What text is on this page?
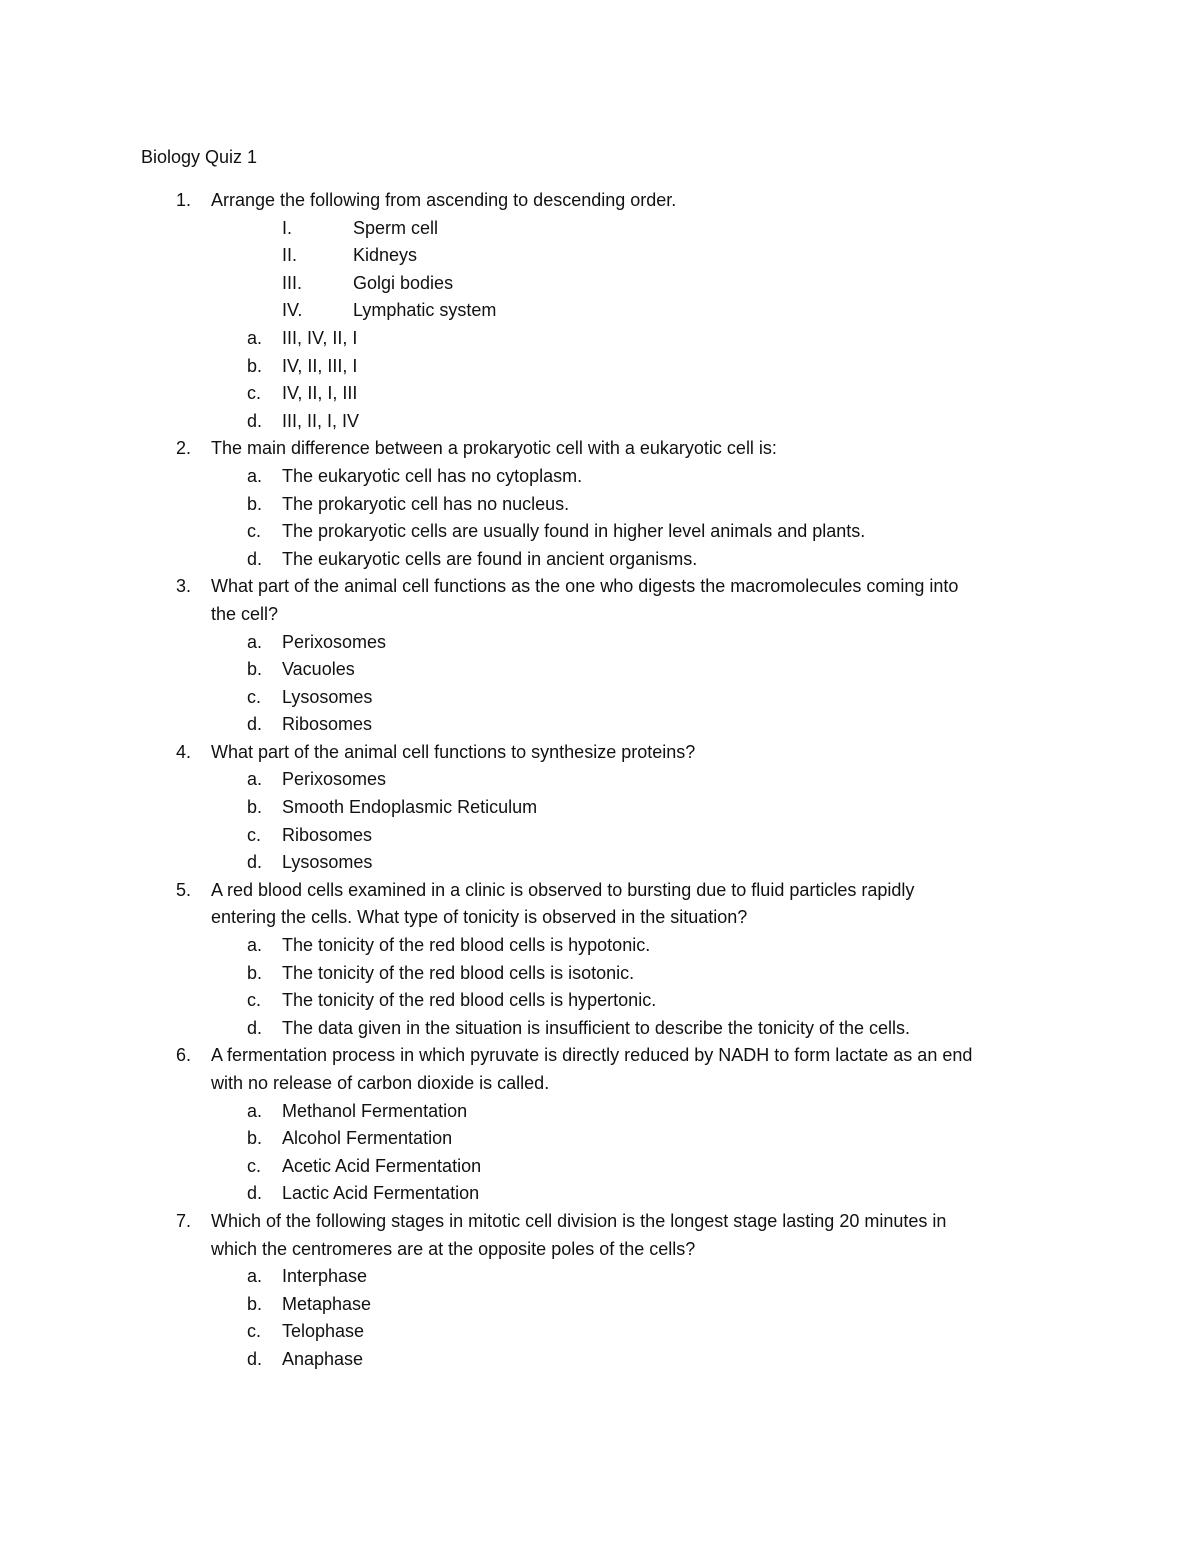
Biology Quiz 1
1. Arrange the following from ascending to descending order.
I.	Sperm cell
II.	Kidneys
III.	Golgi bodies
IV.	Lymphatic system
a. III, IV, II, I
b. IV, II, III, I
c. IV, II, I, III
d. III, II, I, IV
2. The main difference between a prokaryotic cell with a eukaryotic cell is:
a. The eukaryotic cell has no cytoplasm.
b. The prokaryotic cell has no nucleus.
c. The prokaryotic cells are usually found in higher level animals and plants.
d. The eukaryotic cells are found in ancient organisms.
3. What part of the animal cell functions as the one who digests the macromolecules coming into
the cell?
a. Perixosomes
b. Vacuoles
c. Lysosomes
d. Ribosomes
4. What part of the animal cell functions to synthesize proteins?
a. Perixosomes
b. Smooth Endoplasmic Reticulum
c. Ribosomes
d. Lysosomes
5. A red blood cells examined in a clinic is observed to bursting due to fluid particles rapidly
entering the cells. What type of tonicity is observed in the situation?
a. The tonicity of the red blood cells is hypotonic.
b. The tonicity of the red blood cells is isotonic.
c. The tonicity of the red blood cells is hypertonic.
d. The data given in the situation is insufficient to describe the tonicity of the cells.
6. A fermentation process in which pyruvate is directly reduced by NADH to form lactate as an end
with no release of carbon dioxide is called.
a. Methanol Fermentation
b. Alcohol Fermentation
c. Acetic Acid Fermentation
d. Lactic Acid Fermentation
7. Which of the following stages in mitotic cell division is the longest stage lasting 20 minutes in
which the centromeres are at the opposite poles of the cells?
a. Interphase
b. Metaphase
c. Telophase
d. Anaphase
